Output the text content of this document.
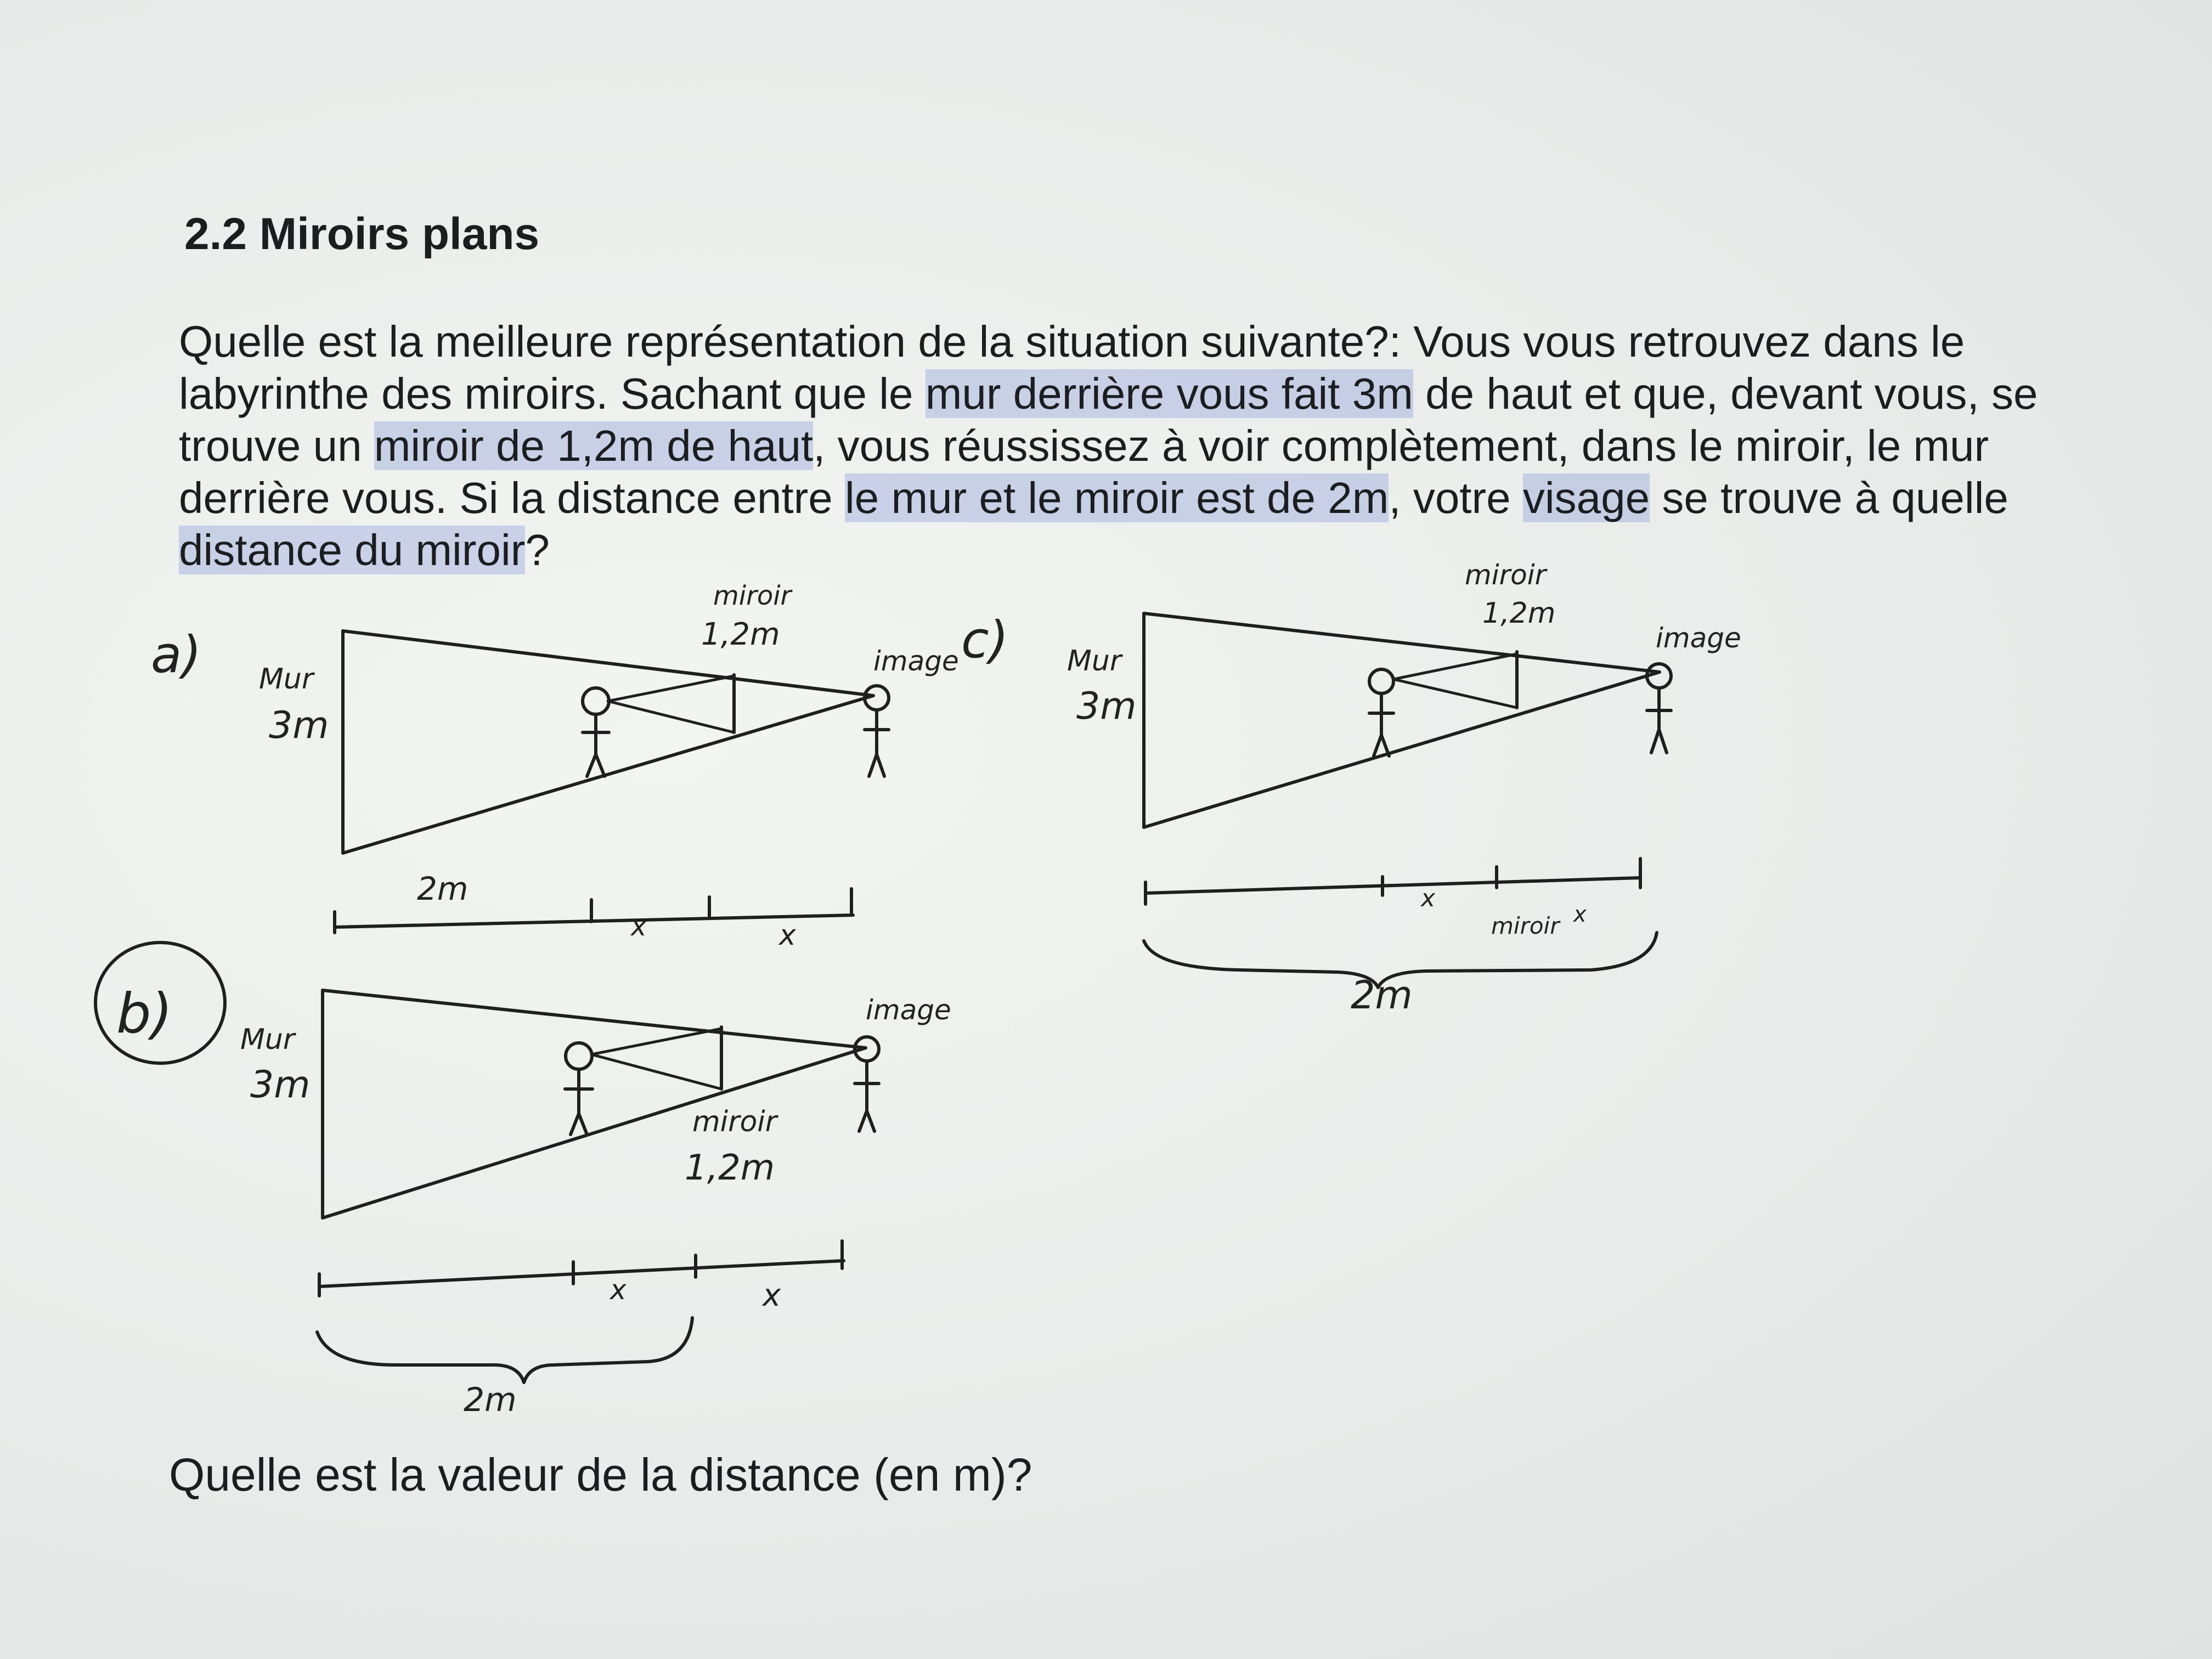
2.2 Miroirs plans

Quelle est la meilleure représentation de la situation suivante?: Vous vous retrouvez dans le
labyrinthe des miroirs. Sachant que le mur derrière vous fait 3m de haut et que, devant vous, se
trouve un miroir de 1,2m de haut, vous réussissez à voir complètement, dans le miroir, le mur
derrière vous. Si la distance entre le mur et le miroir est de 2m, votre visage se trouve à quelle
distance du miroir?

a) Mur
3m
miroir
1,2m
image
2m
x	x
b) Mur
3m
image
miroir
1,2m
x	x
2m
c) Mur
3m
miroir
1,2m
image
x
miroir x
2m
Quelle est la valeur de la distance (en m)?
